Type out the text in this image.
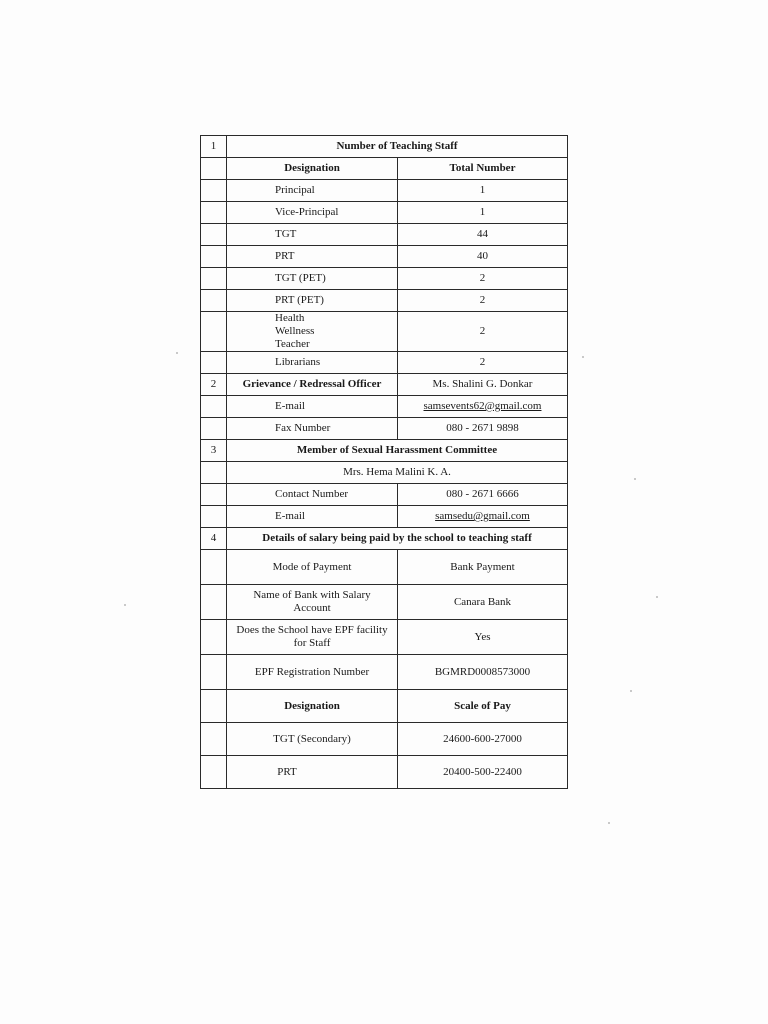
1	Number of Teaching Staff	
	Designation	Total Number
	Principal	1
	Vice-Principal	1
	TGT	44
	PRT	40
	TGT (PET)	2
	PRT (PET)	2
	Health Wellness Teacher	2
	Librarians	2
2	Grievance / Redressal Officer	Ms. Shalini G. Donkar
	E-mail	samsevents62@gmail.com
	Fax Number	080 - 2671 9898
3	Member of Sexual Harassment Committee	
	Mrs. Hema Malini K. A.	
	Contact Number	080 - 2671 6666
	E-mail	samsedu@gmail.com
4	Details of salary being paid by the school to teaching staff	
	Mode of Payment	Bank Payment
	Name of Bank with Salary Account	Canara Bank
	Does the School have EPF facility for Staff	Yes
	EPF Registration Number	BGMRD0008573000
	Designation	Scale of Pay
	TGT (Secondary)	24600-600-27000
	PRT	20400-500-22400
